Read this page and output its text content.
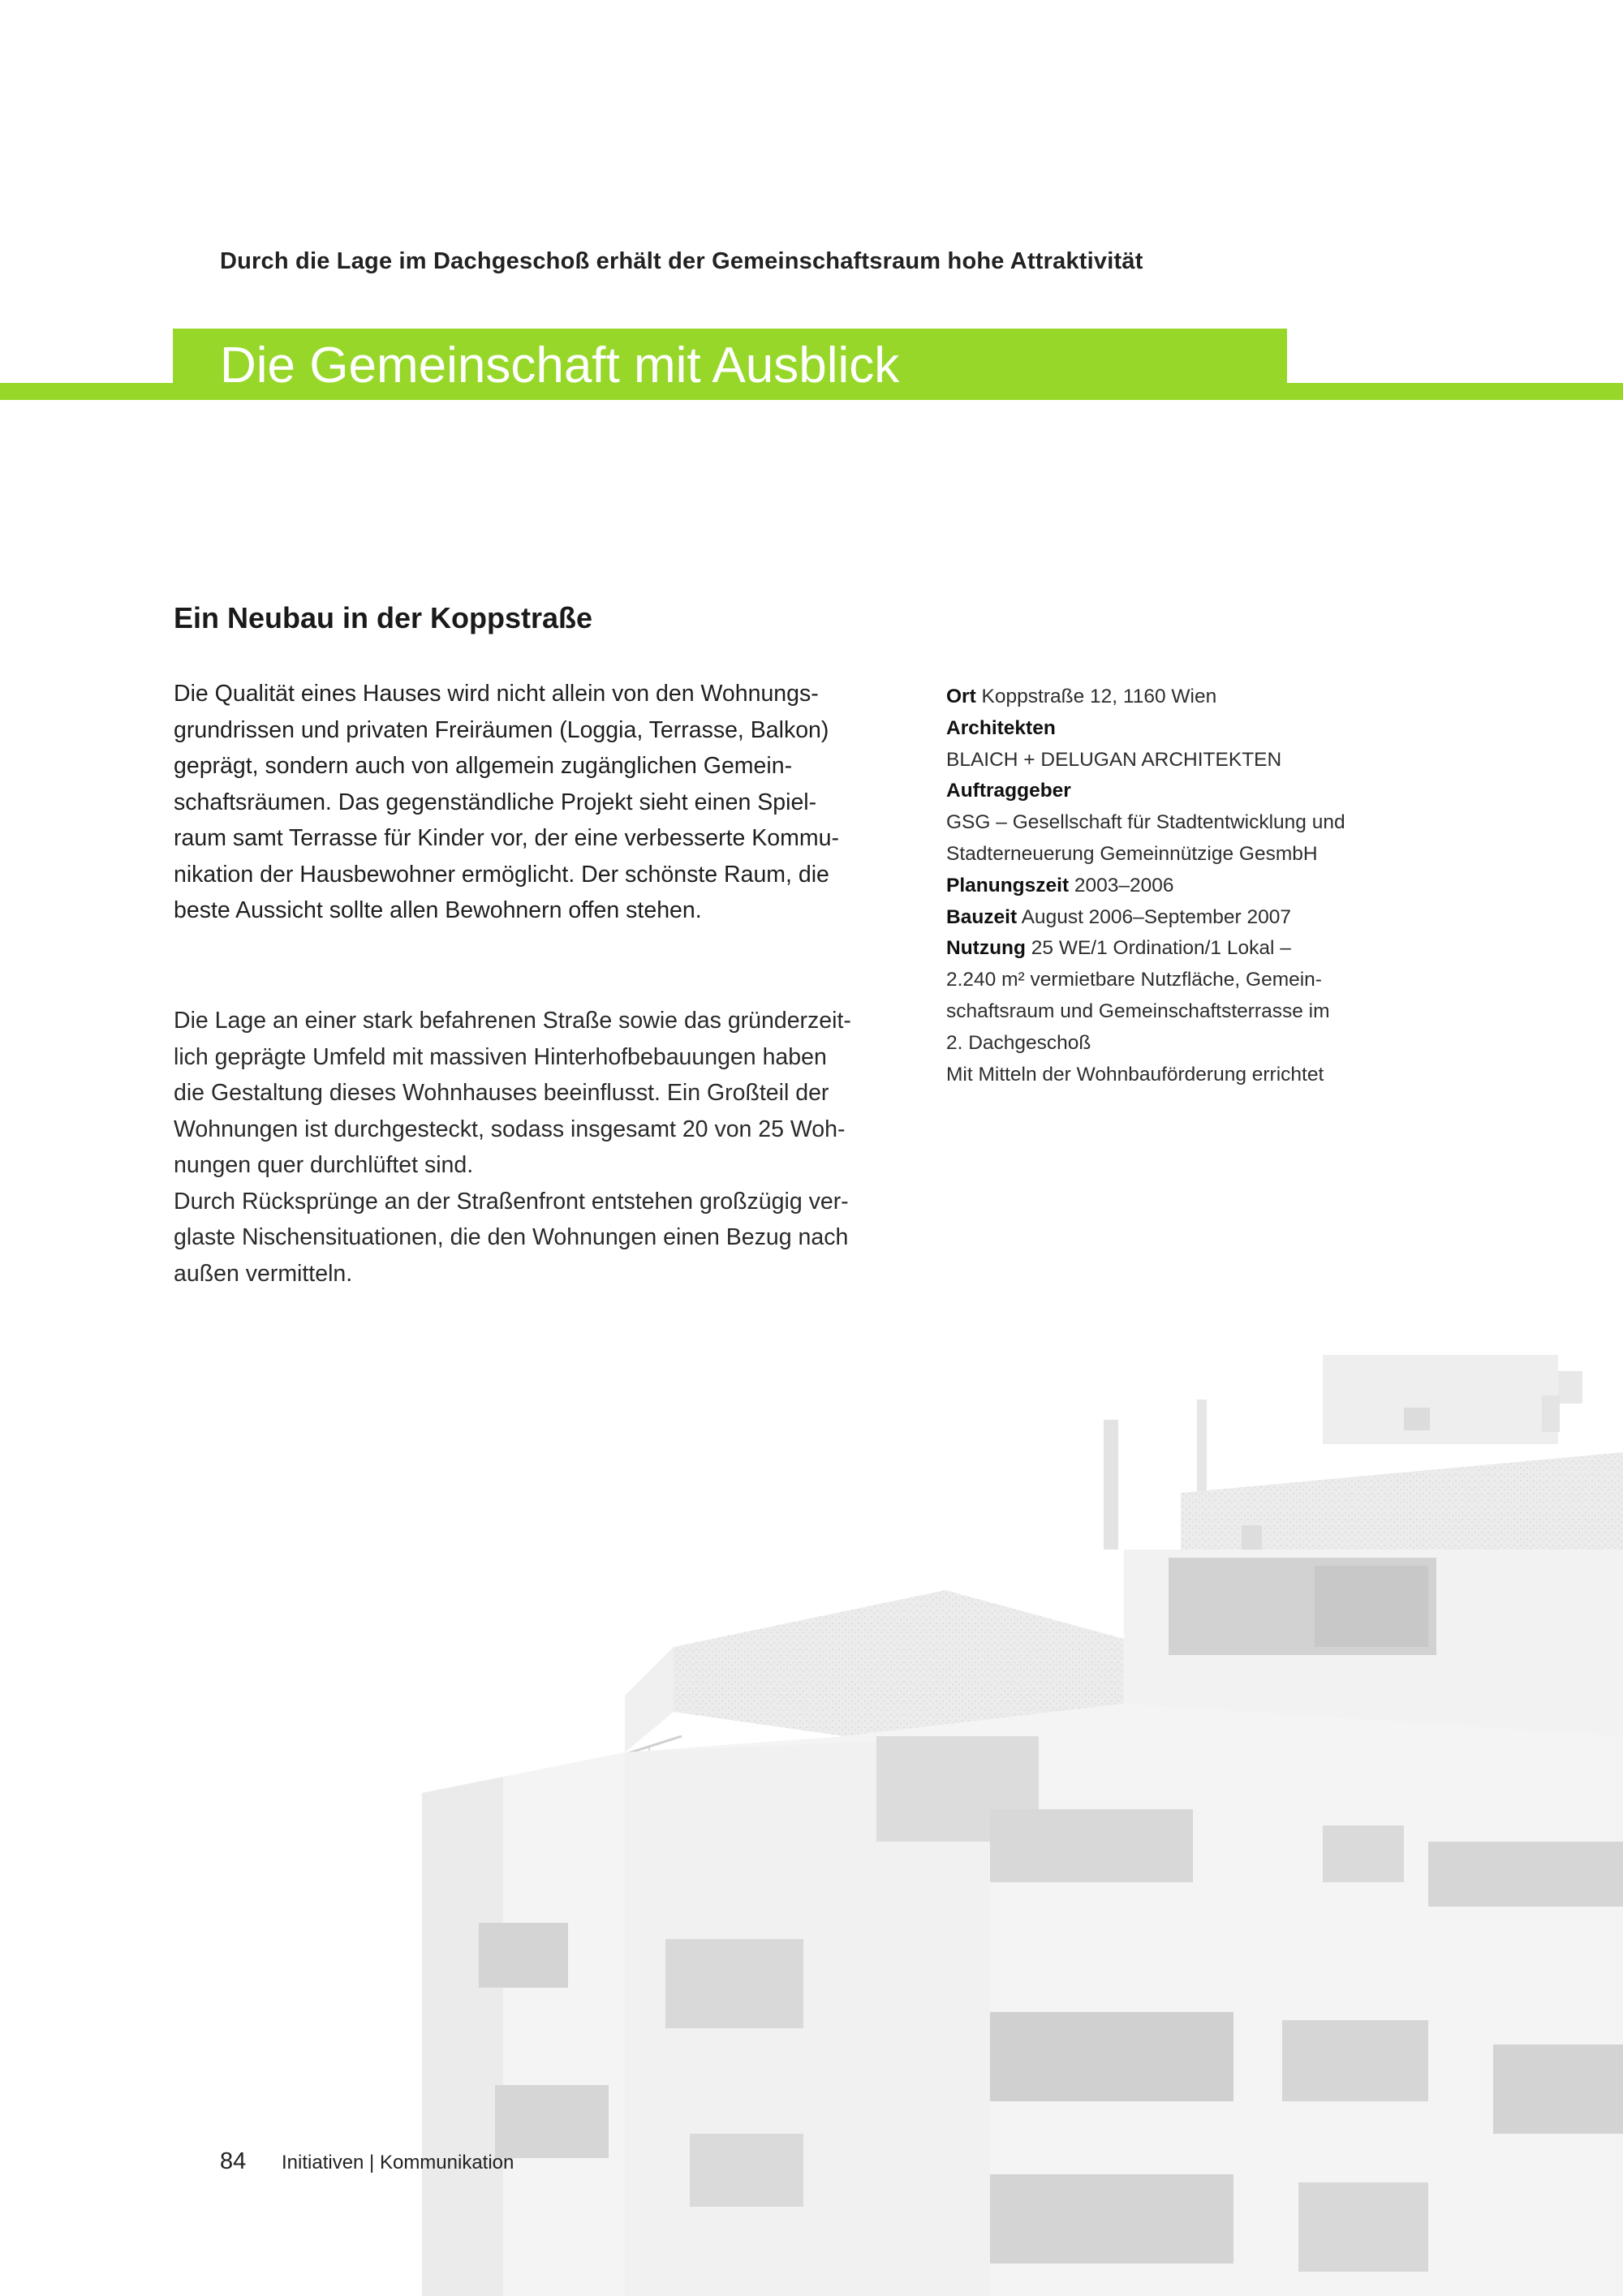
Durch die Lage im Dachgeschoß erhält der Gemeinschaftsraum hohe Attraktivität
Die Gemeinschaft mit Ausblick
Ein Neubau in der Koppstraße
Die Qualität eines Hauses wird nicht allein von den Wohnungs-
grundrissen und privaten Freiräumen (Loggia, Terrasse, Balkon)
geprägt, sondern auch von allgemein zugänglichen Gemein-
schaftsräumen. Das gegenständliche Projekt sieht einen Spiel-
raum samt Terrasse für Kinder vor, der eine verbesserte Kommu-
nikation der Hausbewohner ermöglicht. Der schönste Raum, die
beste Aussicht sollte allen Bewohnern offen stehen.
Die Lage an einer stark befahrenen Straße sowie das gründerzeit-
lich geprägte Umfeld mit massiven Hinterhofbebauungen haben
die Gestaltung dieses Wohnhauses beeinflusst. Ein Großteil der
Wohnungen ist durchgesteckt, sodass insgesamt 20 von 25 Woh-
nungen quer durchlüftet sind.
Durch Rücksprünge an der Straßenfront entstehen großzügig ver-
glaste Nischensituationen, die den Wohnungen einen Bezug nach
außen vermitteln.
Ort Koppstraße 12, 1160 Wien
Architekten
BLAICH + DELUGAN ARCHITEKTEN
Auftraggeber
GSG – Gesellschaft für Stadtentwicklung und
Stadterneuerung Gemeinnützige GesmbH
Planungszeit 2003–2006
Bauzeit August 2006–September 2007
Nutzung 25 WE/1 Ordination/1 Lokal –
2.240 m² vermietbare Nutzfläche, Gemein-
schaftsraum und Gemeinschaftsterrasse im
2. Dachgeschoß
Mit Mitteln der Wohnbauförderung errichtet
84 Initiativen | Kommunikation
